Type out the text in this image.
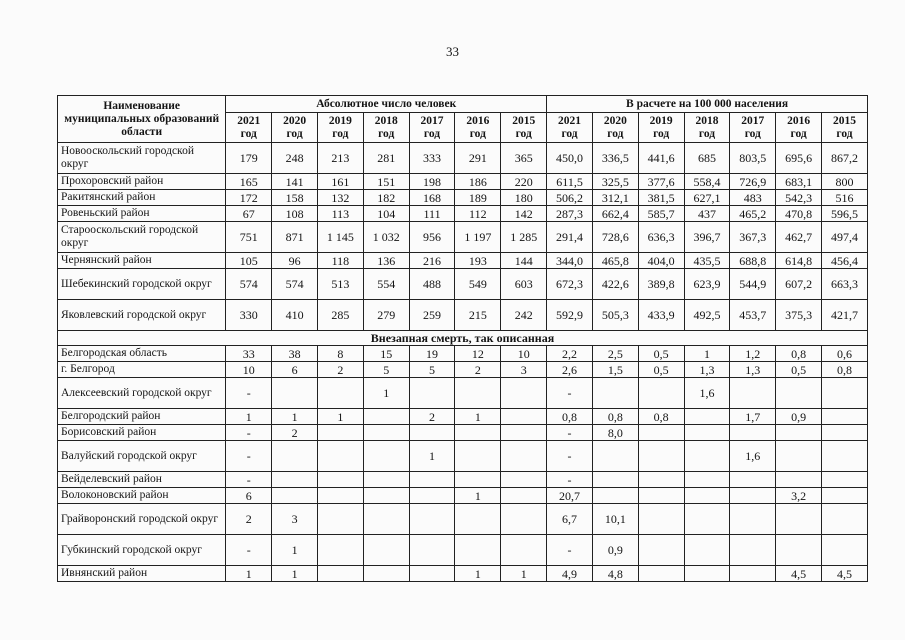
33
Наименование муниципальных образований области	Абсолютное число человек							В расчете на 100 000 населения						
	2021 год	2020 год	2019 год	2018 год	2017 год	2016 год	2015 год	2021 год	2020 год	2019 год	2018 год	2017 год	2016 год	2015 год
Новооскольский городской округ	179	248	213	281	333	291	365	450,0	336,5	441,6	685	803,5	695,6	867,2
Прохоровский район	165	141	161	151	198	186	220	611,5	325,5	377,6	558,4	726,9	683,1	800
Ракитянский район	172	158	132	182	168	189	180	506,2	312,1	381,5	627,1	483	542,3	516
Ровеньский район	67	108	113	104	111	112	142	287,3	662,4	585,7	437	465,2	470,8	596,5
Старооскольский городской округ	751	871	1 145	1 032	956	1 197	1 285	291,4	728,6	636,3	396,7	367,3	462,7	497,4
Чернянский район	105	96	118	136	216	193	144	344,0	465,8	404,0	435,5	688,8	614,8	456,4
Шебекинский городской округ	574	574	513	554	488	549	603	672,3	422,6	389,8	623,9	544,9	607,2	663,3
Яковлевский городской округ	330	410	285	279	259	215	242	592,9	505,3	433,9	492,5	453,7	375,3	421,7
Внезапная смерть, так описанная														
Белгородская область	33	38	8	15	19	12	10	2,2	2,5	0,5	1	1,2	0,8	0,6
г. Белгород	10	6	2	5	5	2	3	2,6	1,5	0,5	1,3	1,3	0,5	0,8
Алексеевский городской округ	-			1				-			1,6			
Белгородский район	1	1	1		2	1		0,8	0,8	0,8		1,7	0,9	
Борисовский район	-	2						-	8,0					
Валуйский городской округ	-				1			-				1,6		
Вейделевский район	-							-						
Волоконовский район	6					1		20,7					3,2	
Грайворонский городской округ	2	3						6,7	10,1					
Губкинский городской округ	-	1						-	0,9					
Ивнянский район	1	1				1	1	4,9	4,8				4,5	4,5
